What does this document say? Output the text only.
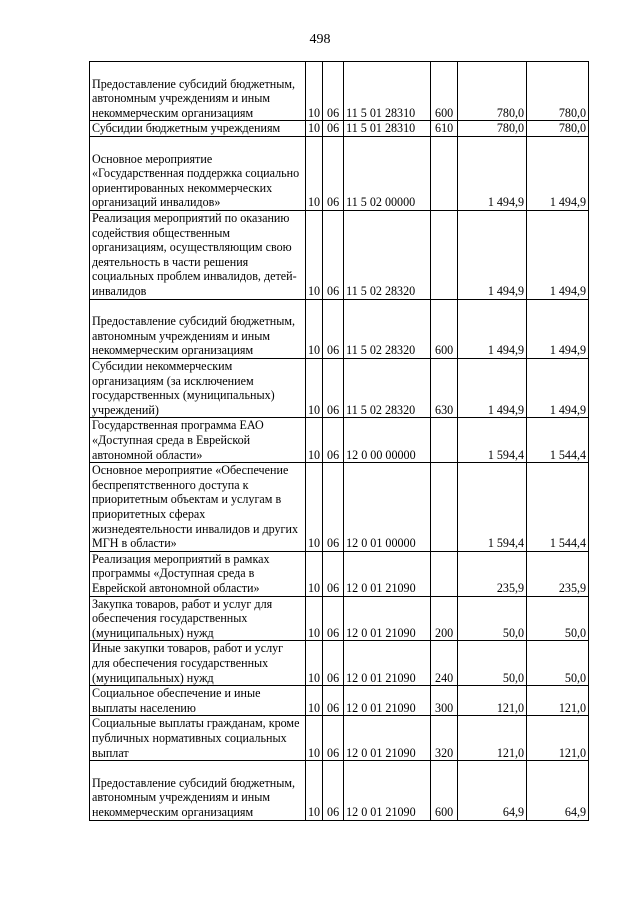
498
Предоставление субсидий бюджетным, автономным учреждениям и иным некоммерческим организациям	10	06	11 5 01 28310	600	780,0	780,0
Субсидии бюджетным учреждениям	10	06	11 5 01 28310	610	780,0	780,0
Основное мероприятие «Государственная поддержка социально ориентированных некоммерческих организаций инвалидов»	10	06	11 5 02 00000		1 494,9	1 494,9
Реализация мероприятий по оказанию содействия общественным организациям, осуществляющим свою деятельность в части решения социальных проблем инвалидов, детей-инвалидов	10	06	11 5 02 28320		1 494,9	1 494,9
Предоставление субсидий бюджетным, автономным учреждениям и иным некоммерческим организациям	10	06	11 5 02 28320	600	1 494,9	1 494,9
Субсидии некоммерческим организациям (за исключением государственных (муниципальных) учреждений)	10	06	11 5 02 28320	630	1 494,9	1 494,9
Государственная программа ЕАО «Доступная среда в Еврейской автономной области»	10	06	12 0 00 00000		1 594,4	1 544,4
Основное мероприятие «Обеспечение беспрепятственного доступа к приоритетным объектам и услугам в приоритетных сферах жизнедеятельности инвалидов и других МГН в области»	10	06	12 0 01 00000		1 594,4	1 544,4
Реализация мероприятий в рамках программы «Доступная среда в Еврейской автономной области»	10	06	12 0 01 21090		235,9	235,9
Закупка товаров, работ и услуг для обеспечения государственных (муниципальных) нужд	10	06	12 0 01 21090	200	50,0	50,0
Иные закупки товаров, работ и услуг для обеспечения государственных (муниципальных) нужд	10	06	12 0 01 21090	240	50,0	50,0
Социальное обеспечение и иные выплаты населению	10	06	12 0 01 21090	300	121,0	121,0
Социальные выплаты гражданам, кроме публичных нормативных социальных выплат	10	06	12 0 01 21090	320	121,0	121,0
Предоставление субсидий бюджетным, автономным учреждениям и иным некоммерческим организациям	10	06	12 0 01 21090	600	64,9	64,9
